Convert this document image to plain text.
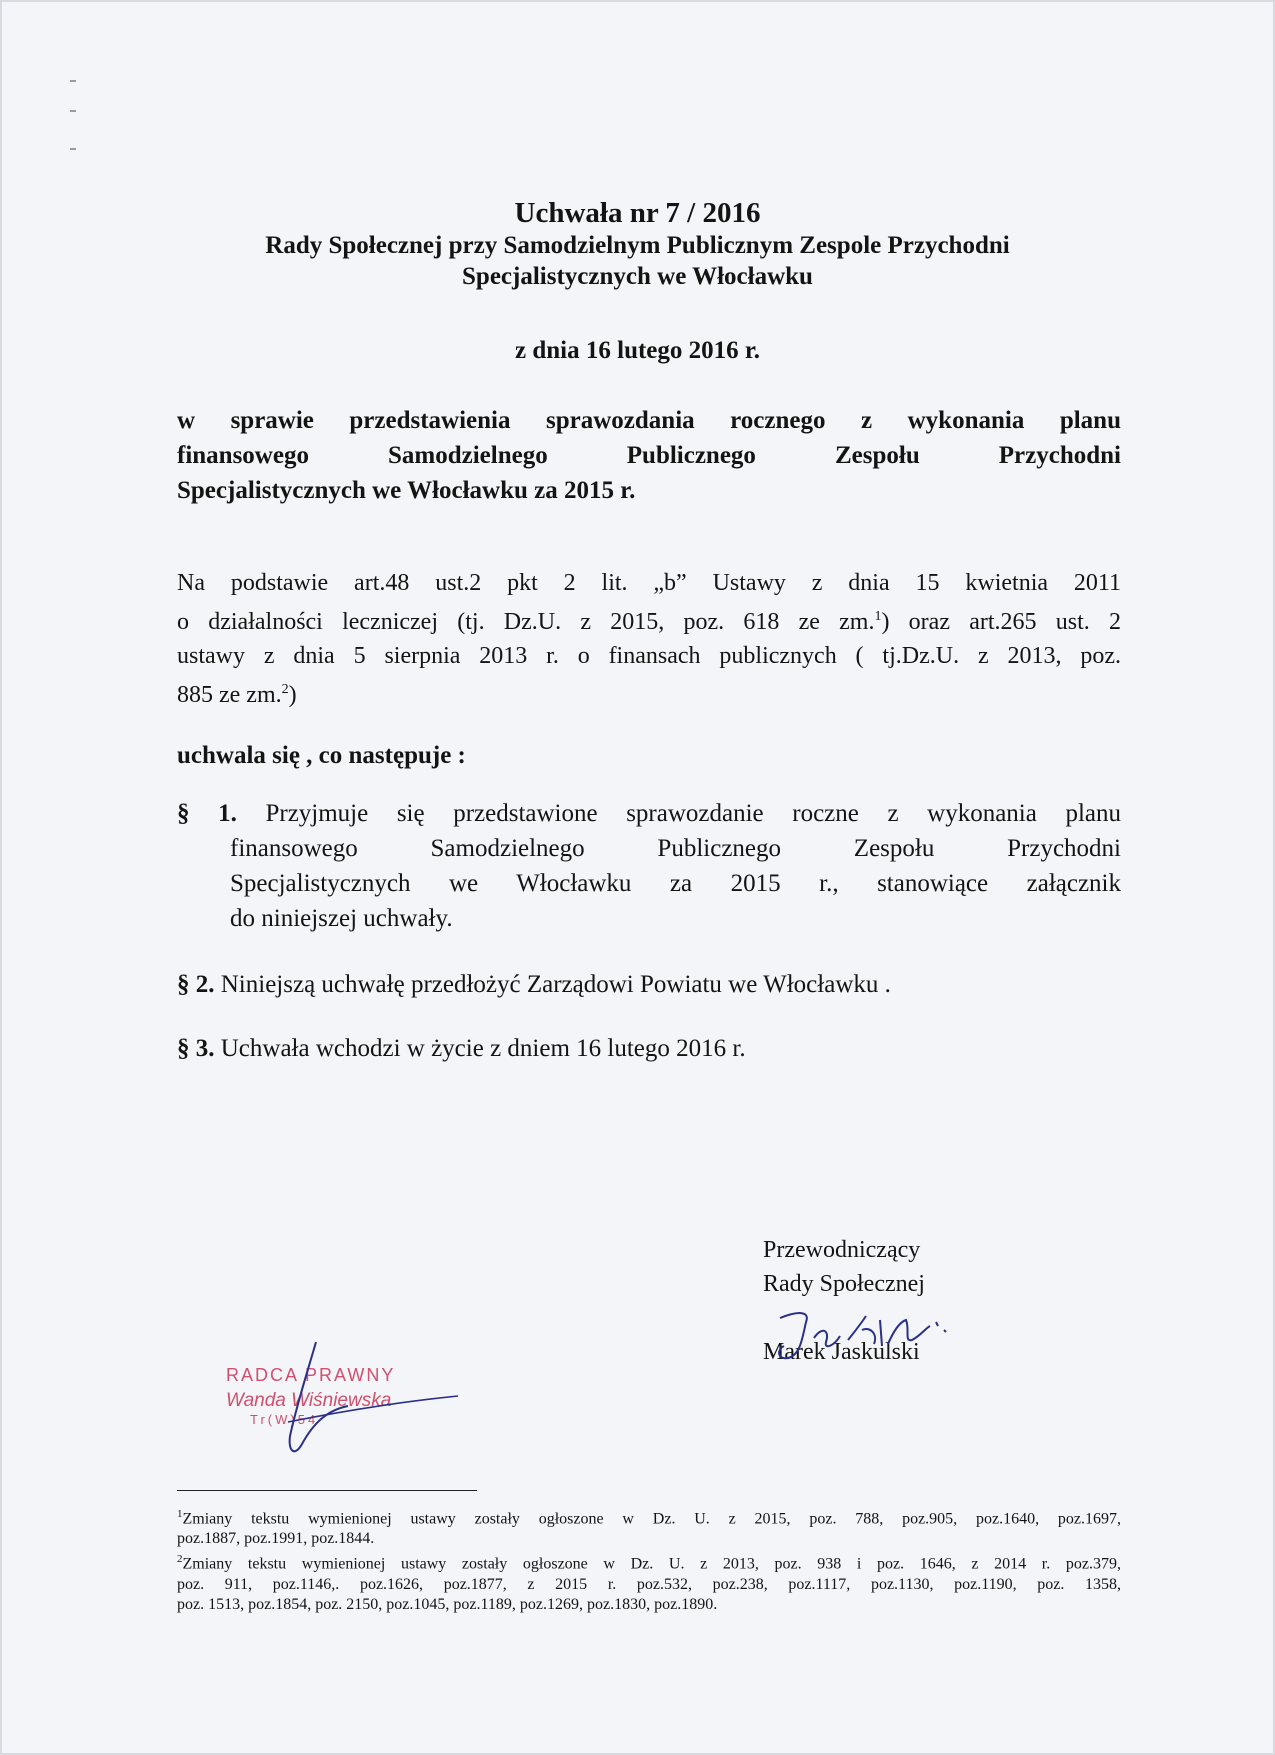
Uchwała nr 7 / 2016
Rady Społecznej przy Samodzielnym Publicznym Zespole Przychodni
Specjalistycznych we Włocławku
z dnia 16 lutego 2016 r.
w sprawie przedstawienia sprawozdania rocznego z wykonania planu
finansowego Samodzielnego Publicznego Zespołu Przychodni
Specjalistycznych we Włocławku za 2015 r.
Na podstawie art.48 ust.2 pkt 2 lit. „b” Ustawy z dnia 15 kwietnia 2011
o działalności leczniczej (tj. Dz.U. z 2015, poz. 618 ze zm.$^1$) oraz art.265 ust. 2
ustawy z dnia 5 sierpnia 2013 r. o finansach publicznych ( tj.Dz.U. z 2013, poz.
885 ze zm.$^2$)
uchwala się , co następuje :
§ 1. Przyjmuje się przedstawione sprawozdanie roczne z wykonania planu
finansowego Samodzielnego Publicznego Zespołu Przychodni
Specjalistycznych we Włocławku za 2015 r., stanowiące załącznik
do niniejszej uchwały.
§ 2. Niniejszą uchwałę przedłożyć Zarządowi Powiatu we Włocławku .
§ 3. Uchwała wchodzi w życie z dniem 16 lutego 2016 r.
Przewodniczący
Rady Społecznej
Marek Jaskulski
RADCA PRAWNY
Wanda Wiśniewska
Tr(W)54
$^1$Zmiany tekstu wymienionej ustawy zostały ogłoszone w Dz. U. z 2015, poz. 788, poz.905, poz.1640, poz.1697,
poz.1887, poz.1991, poz.1844.
$^2$Zmiany tekstu wymienionej ustawy zostały ogłoszone w Dz. U. z 2013, poz. 938 i poz. 1646, z 2014 r. poz.379,
poz. 911, poz.1146,. poz.1626, poz.1877, z 2015 r. poz.532, poz.238, poz.1117, poz.1130, poz.1190, poz. 1358,
poz. 1513, poz.1854, poz. 2150, poz.1045, poz.1189, poz.1269, poz.1830, poz.1890.
